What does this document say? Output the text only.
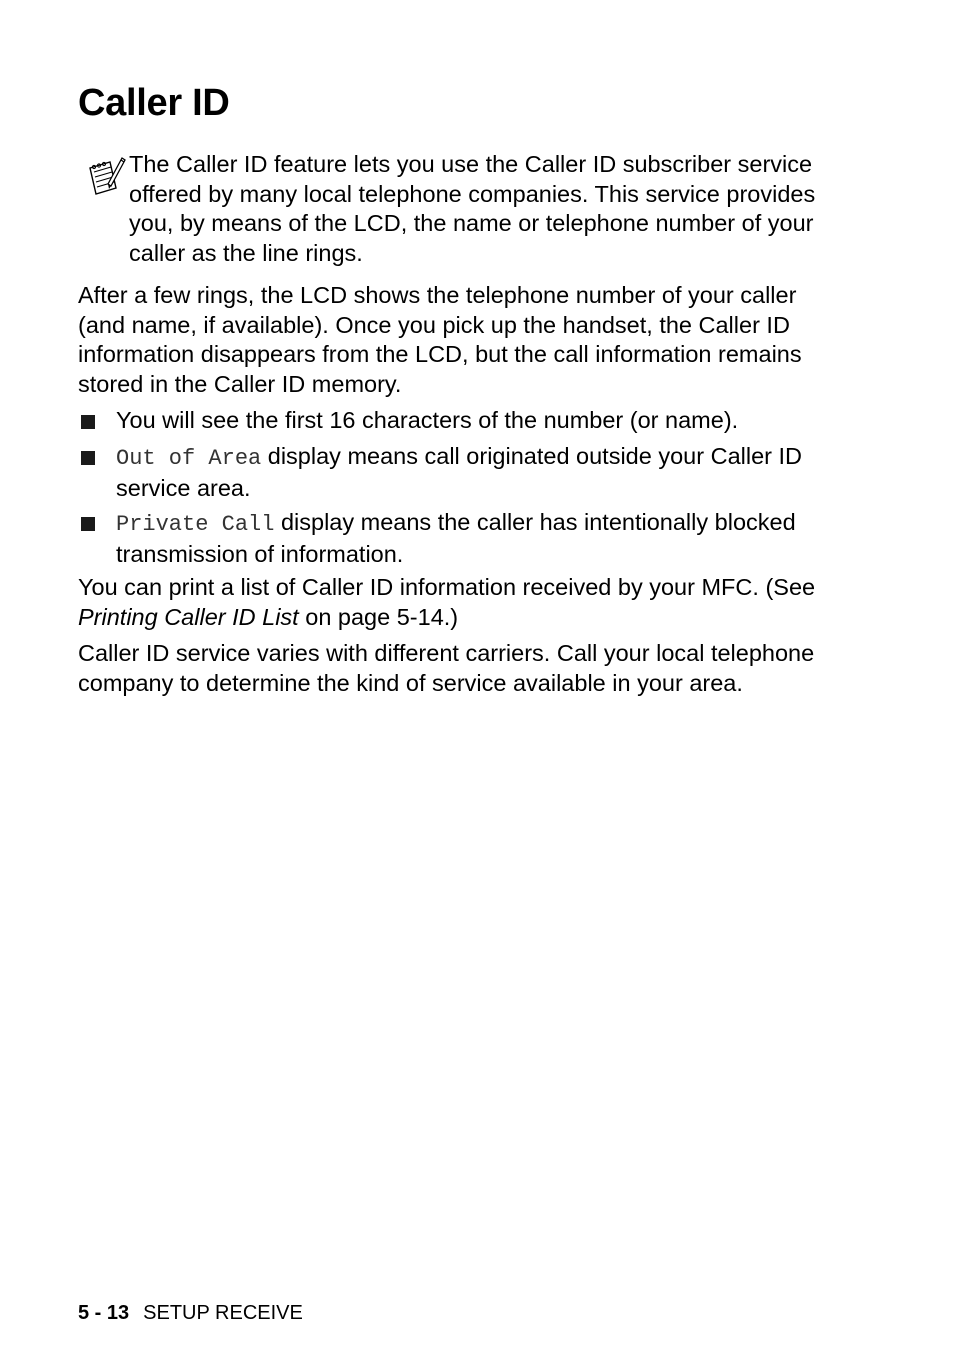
Caller ID

The Caller ID feature lets you use the Caller ID subscriber service offered by many local telephone companies. This service provides you, by means of the LCD, the name or telephone number of your caller as the line rings.

After a few rings, the LCD shows the telephone number of your caller (and name, if available). Once you pick up the handset, the Caller ID information disappears from the LCD, but the call information remains stored in the Caller ID memory.

You will see the first 16 characters of the number (or name).

Out of Area display means call originated outside your Caller ID service area.

Private Call display means the caller has intentionally blocked transmission of information.

You can print a list of Caller ID information received by your MFC. (See Printing Caller ID List on page 5-14.)

Caller ID service varies with different carriers. Call your local telephone company to determine the kind of service available in your area.

5 - 13 SETUP RECEIVE
